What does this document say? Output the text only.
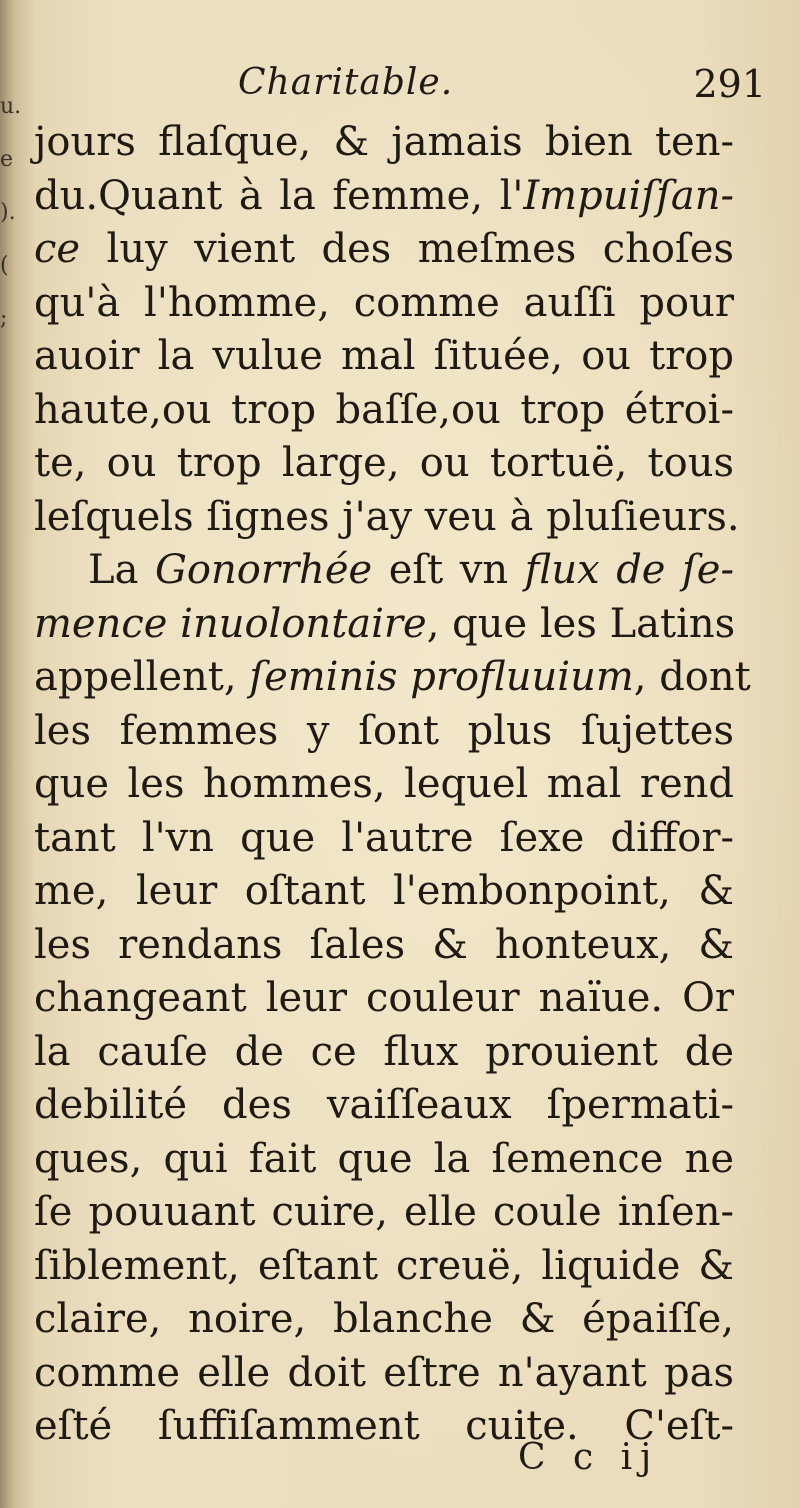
u.
e
).
(
;
Charitable.	291
jours flaſque, & jamais bien ten-
du.Quant à la femme, l'Impuiſſan-
ce luy vient des meſmes choſes
qu'à l'homme, comme auſſi pour
auoir la vulue mal ſituée, ou trop
haute,ou trop baſſe,ou trop étroi-
te, ou trop large, ou tortuë, tous
leſquels ſignes j'ay veu à pluſieurs.
La Gonorrhée eſt vn flux de ſe-
mence inuolontaire, que les Latins
appellent, ſeminis profluuium, dont
les femmes y ſont plus ſujettes
que les hommes, lequel mal rend
tant l'vn que l'autre ſexe diffor-
me, leur oſtant l'embonpoint, &
les rendans ſales & honteux, &
changeant leur couleur naïue. Or
la cauſe de ce flux prouient de
debilité des vaiſſeaux ſpermati-
ques, qui fait que la ſemence ne
ſe pouuant cuire, elle coule inſen-
ſiblement, eſtant creuë, liquide &
claire, noire, blanche & épaiſſe,
comme elle doit eſtre n'ayant pas
eſté ſuffiſamment cuite. C'eſt-
C c ij
